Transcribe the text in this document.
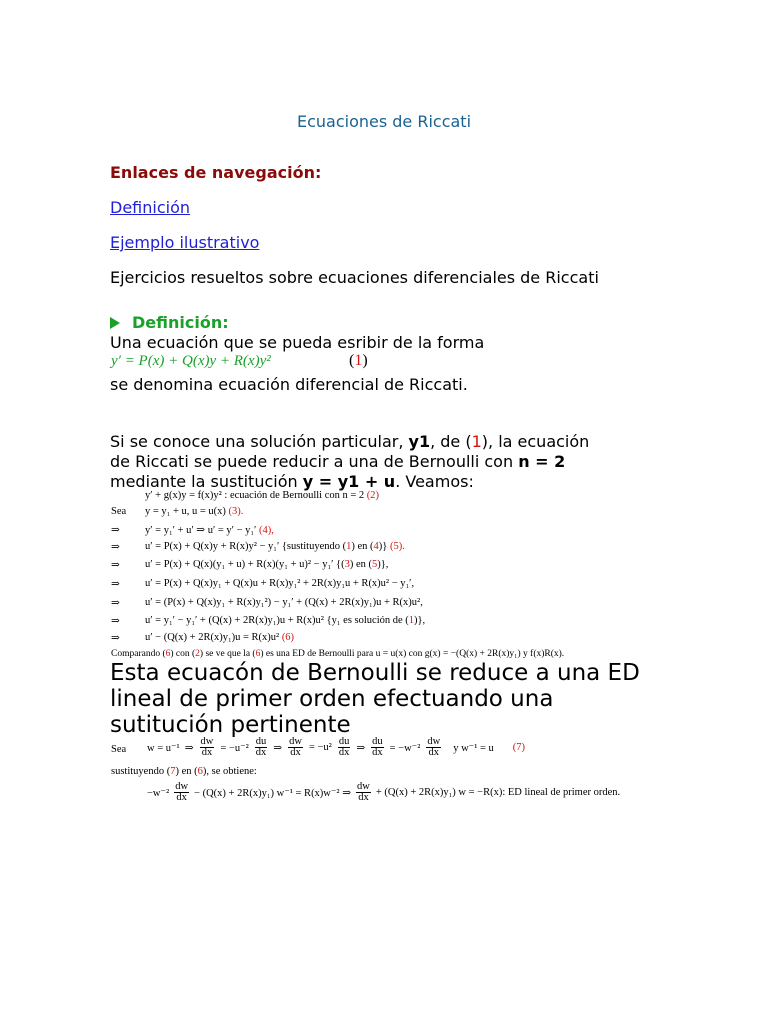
Ecuaciones de Riccati
Enlaces de navegación:
Definición
Ejemplo ilustrativo
Ejercicios resueltos sobre ecuaciones diferenciales de Riccati
Definición:
Una ecuación que se pueda esribir de la forma
y′ = P(x) + Q(x)y + R(x)y²	(1)
se denomina ecuación diferencial de Riccati.
Si se conoce una solución particular, y1, de (1), la ecuación
de Riccati se puede reducir a una de Bernoulli con n = 2
mediante la sustitución y = y1 + u. Veamos:
y′ + g(x)y = f(x)y² : ecuación de Bernoulli con n = 2 (2)
Sea y = y₁ + u, u = u(x) (3).
⇒ y′ = y₁′ + u′ ⇒ u′ = y′ − y₁′ (4),
⇒ u′ = P(x) + Q(x)y + R(x)y² − y₁′ {sustituyendo (1) en (4)} (5).
⇒ u′ = P(x) + Q(x)(y₁ + u) + R(x)(y₁ + u)² − y₁′ {(3) en (5)},
⇒ u′ = P(x) + Q(x)y₁ + Q(x)u + R(x)y₁² + 2R(x)y₁u + R(x)u² − y₁′,
⇒ u′ = (P(x) + Q(x)y₁ + R(x)y₁²) − y₁′ + (Q(x) + 2R(x)y₁)u + R(x)u²,
⇒ u′ = y₁′ − y₁′ + (Q(x) + 2R(x)y₁)u + R(x)u² {y₁ es solución de (1)},
⇒ u′ − (Q(x) + 2R(x)y₁)u = R(x)u² (6)
Comparando (6) con (2) se ve que la (6) es una ED de Bernoulli para u = u(x) con g(x) = −(Q(x) + 2R(x)y₁) y f(x)R(x).
Esta ecuacón de Bernoulli se reduce a una ED lineal de primer orden efectuando una sutitución pertinente
Sea w = u⁻¹ ⇒ $\frac{dw}{dx} = -u^{-2} \frac{du}{dx}$ ⇒ $\frac{dw}{dx} = -u^2 \frac{du}{dx}$ ⇒ $\frac{du}{dx} = -w^{-2} \frac{dw}{dx}$ y w⁻¹ = u (7)
sustituyendo (7) en (6), se obtiene:
$-w^{-2} \frac{dw}{dx} - (Q(x) + 2R(x)y_1) w^{-1} = R(x)w^{-2}$ ⇒ $\frac{dw}{dx} + (Q(x) + 2R(x)y_1) w = -R(x)$: ED lineal de primer orden.
